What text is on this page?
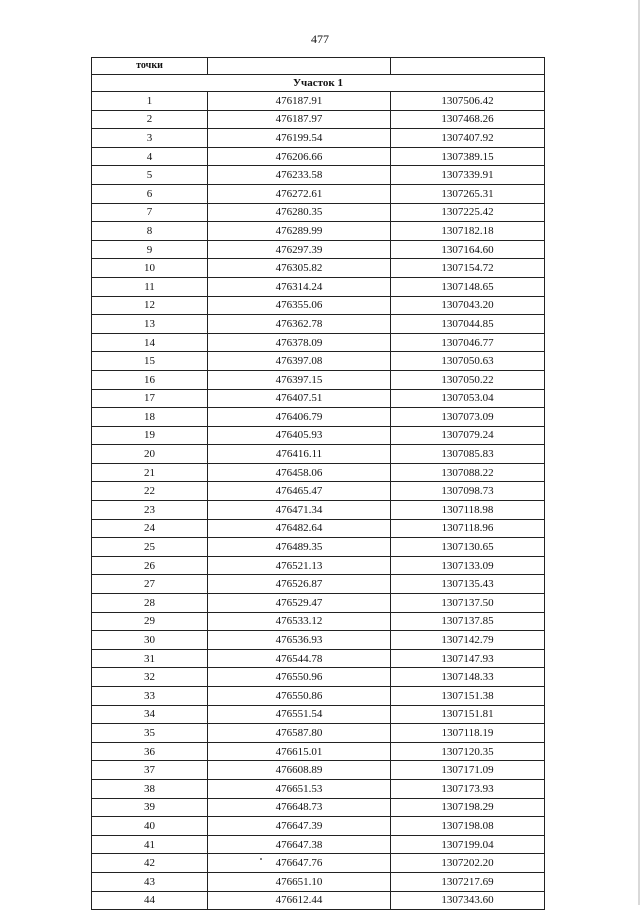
477
точки		
Участок 1		
1	476187.91	1307506.42
2	476187.97	1307468.26
3	476199.54	1307407.92
4	476206.66	1307389.15
5	476233.58	1307339.91
6	476272.61	1307265.31
7	476280.35	1307225.42
8	476289.99	1307182.18
9	476297.39	1307164.60
10	476305.82	1307154.72
11	476314.24	1307148.65
12	476355.06	1307043.20
13	476362.78	1307044.85
14	476378.09	1307046.77
15	476397.08	1307050.63
16	476397.15	1307050.22
17	476407.51	1307053.04
18	476406.79	1307073.09
19	476405.93	1307079.24
20	476416.11	1307085.83
21	476458.06	1307088.22
22	476465.47	1307098.73
23	476471.34	1307118.98
24	476482.64	1307118.96
25	476489.35	1307130.65
26	476521.13	1307133.09
27	476526.87	1307135.43
28	476529.47	1307137.50
29	476533.12	1307137.85
30	476536.93	1307142.79
31	476544.78	1307147.93
32	476550.96	1307148.33
33	476550.86	1307151.38
34	476551.54	1307151.81
35	476587.80	1307118.19
36	476615.01	1307120.35
37	476608.89	1307171.09
38	476651.53	1307173.93
39	476648.73	1307198.29
40	476647.39	1307198.08
41	476647.38	1307199.04
42	476647.76	1307202.20
43	476651.10	1307217.69
44	476612.44	1307343.60
